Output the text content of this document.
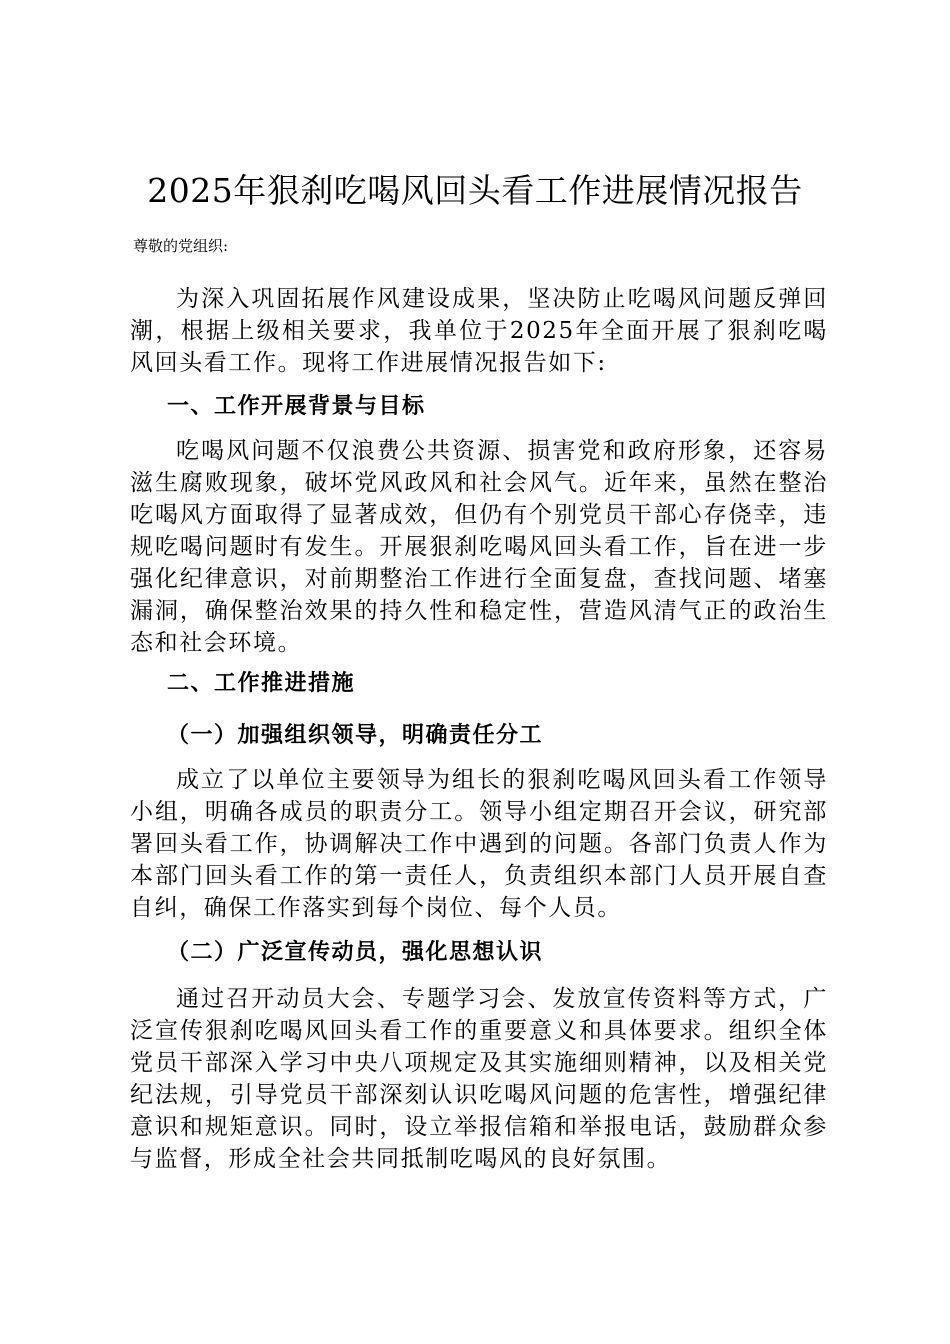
2025年狠刹吃喝风回头看工作进展情况报告
尊敬的党组织:

为深入巩固拓展作风建设成果，坚决防止吃喝风问题反弹回潮，根据上级相关要求，我单位于2025年全面开展了狠刹吃喝风回头看工作。现将工作进展情况报告如下:

一、工作开展背景与目标

吃喝风问题不仅浪费公共资源、损害党和政府形象，还容易滋生腐败现象，破坏党风政风和社会风气。近年来，虽然在整治吃喝风方面取得了显著成效，但仍有个别党员干部心存侥幸，违规吃喝问题时有发生。开展狠刹吃喝风回头看工作，旨在进一步强化纪律意识，对前期整治工作进行全面复盘，查找问题、堵塞漏洞，确保整治效果的持久性和稳定性，营造风清气正的政治生态和社会环境。

二、工作推进措施
（一）加强组织领导，明确责任分工

成立了以单位主要领导为组长的狠刹吃喝风回头看工作领导小组，明确各成员的职责分工。领导小组定期召开会议，研究部署回头看工作，协调解决工作中遇到的问题。各部门负责人作为本部门回头看工作的第一责任人，负责组织本部门人员开展自查自纠，确保工作落实到每个岗位、每个人员。

（二）广泛宣传动员，强化思想认识

通过召开动员大会、专题学习会、发放宣传资料等方式，广泛宣传狠刹吃喝风回头看工作的重要意义和具体要求。组织全体党员干部深入学习中央八项规定及其实施细则精神，以及相关党纪法规，引导党员干部深刻认识吃喝风问题的危害性，增强纪律意识和规矩意识。同时，设立举报信箱和举报电话，鼓励群众参与监督，形成全社会共同抵制吃喝风的良好氛围。
